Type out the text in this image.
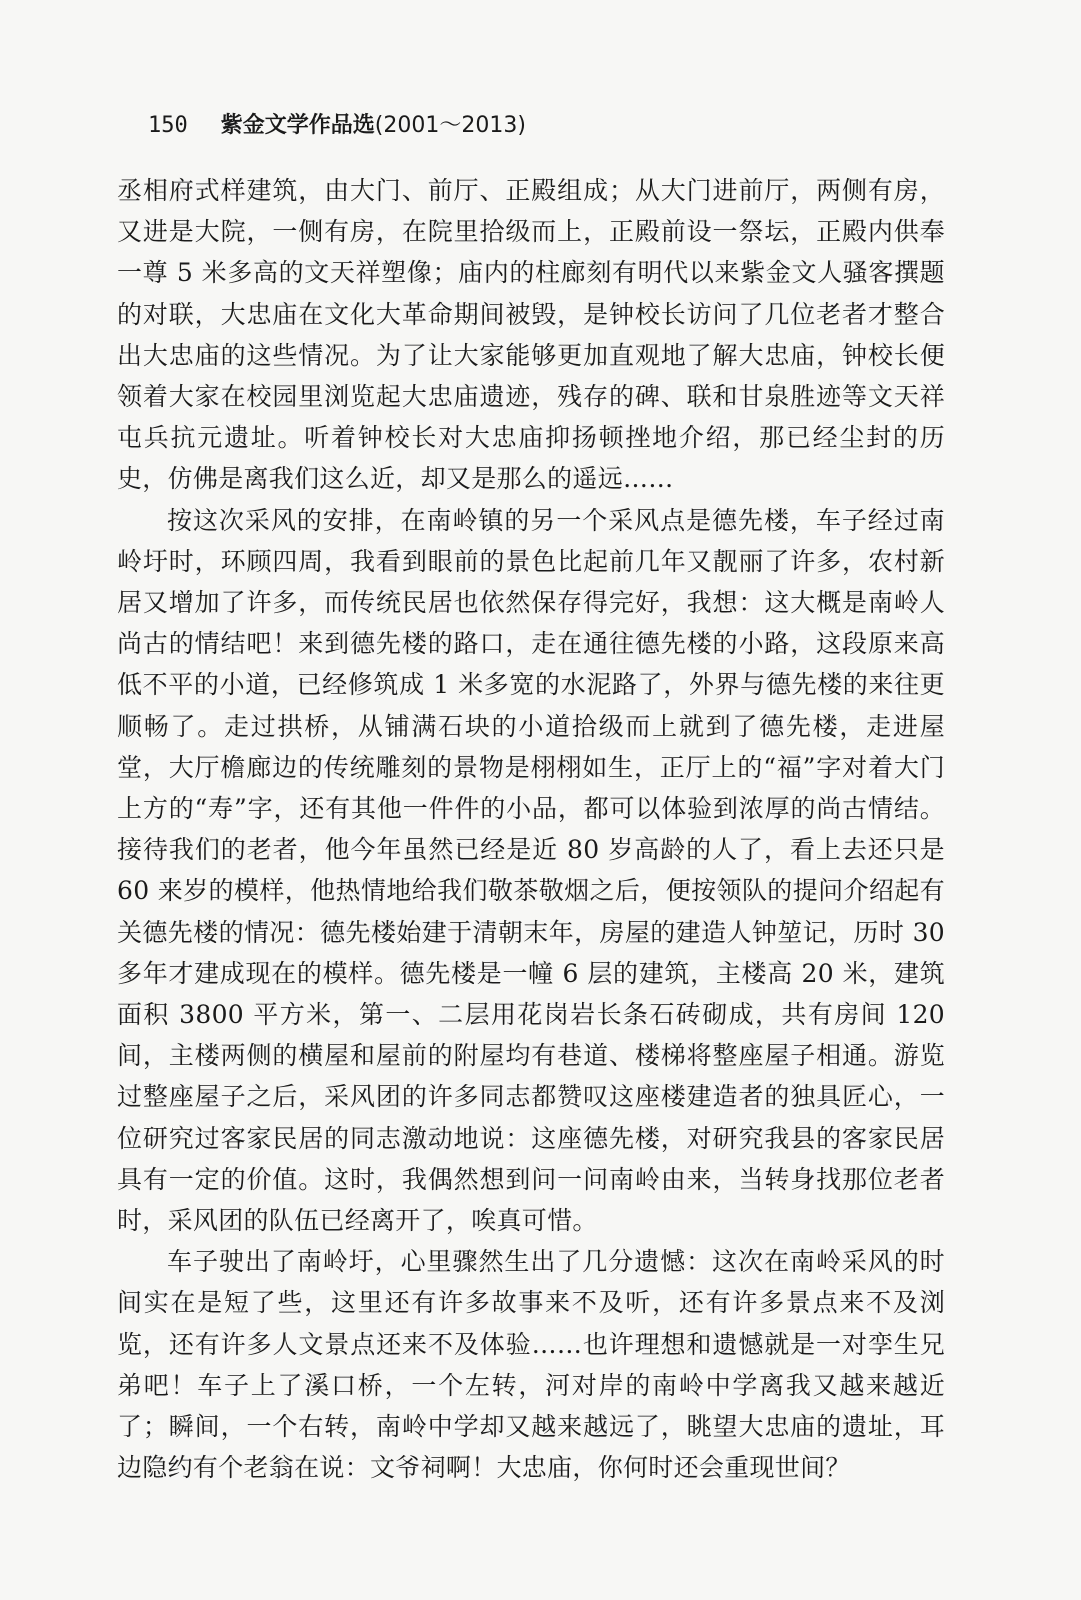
150 紫金文学作品选(2001～2013)

丞相府式样建筑，由大门、前厅、正殿组成；从大门进前厅，两侧有房，又进是大院，一侧有房，在院里拾级而上，正殿前设一祭坛，正殿内供奉一尊 5 米多高的文天祥塑像；庙内的柱廊刻有明代以来紫金文人骚客撰题的对联，大忠庙在文化大革命期间被毁，是钟校长访问了几位老者才整合出大忠庙的这些情况。为了让大家能够更加直观地了解大忠庙，钟校长便领着大家在校园里浏览起大忠庙遗迹，残存的碑、联和甘泉胜迹等文天祥屯兵抗元遗址。听着钟校长对大忠庙抑扬顿挫地介绍，那已经尘封的历史，仿佛是离我们这么近，却又是那么的遥远……

按这次采风的安排，在南岭镇的另一个采风点是德先楼，车子经过南岭圩时，环顾四周，我看到眼前的景色比起前几年又靓丽了许多，农村新居又增加了许多，而传统民居也依然保存得完好，我想：这大概是南岭人尚古的情结吧！来到德先楼的路口，走在通往德先楼的小路，这段原来高低不平的小道，已经修筑成 1 米多宽的水泥路了，外界与德先楼的来往更顺畅了。走过拱桥，从铺满石块的小道拾级而上就到了德先楼，走进屋堂，大厅檐廊边的传统雕刻的景物是栩栩如生，正厅上的“福”字对着大门上方的“寿”字，还有其他一件件的小品，都可以体验到浓厚的尚古情结。接待我们的老者，他今年虽然已经是近 80 岁高龄的人了，看上去还只是 60 来岁的模样，他热情地给我们敬茶敬烟之后，便按领队的提问介绍起有关德先楼的情况：德先楼始建于清朝末年，房屋的建造人钟堃记，历时 30 多年才建成现在的模样。德先楼是一幢 6 层的建筑，主楼高 20 米，建筑面积 3800 平方米，第一、二层用花岗岩长条石砖砌成，共有房间 120 间，主楼两侧的横屋和屋前的附屋均有巷道、楼梯将整座屋子相通。游览过整座屋子之后，采风团的许多同志都赞叹这座楼建造者的独具匠心，一位研究过客家民居的同志激动地说：这座德先楼，对研究我县的客家民居具有一定的价值。这时，我偶然想到问一问南岭由来，当转身找那位老者时，采风团的队伍已经离开了，唉真可惜。

车子驶出了南岭圩，心里骤然生出了几分遗憾：这次在南岭采风的时间实在是短了些，这里还有许多故事来不及听，还有许多景点来不及浏览，还有许多人文景点还来不及体验……也许理想和遗憾就是一对孪生兄弟吧！车子上了溪口桥，一个左转，河对岸的南岭中学离我又越来越近了；瞬间，一个右转，南岭中学却又越来越远了，眺望大忠庙的遗址，耳边隐约有个老翁在说：文爷祠啊！大忠庙，你何时还会重现世间？
